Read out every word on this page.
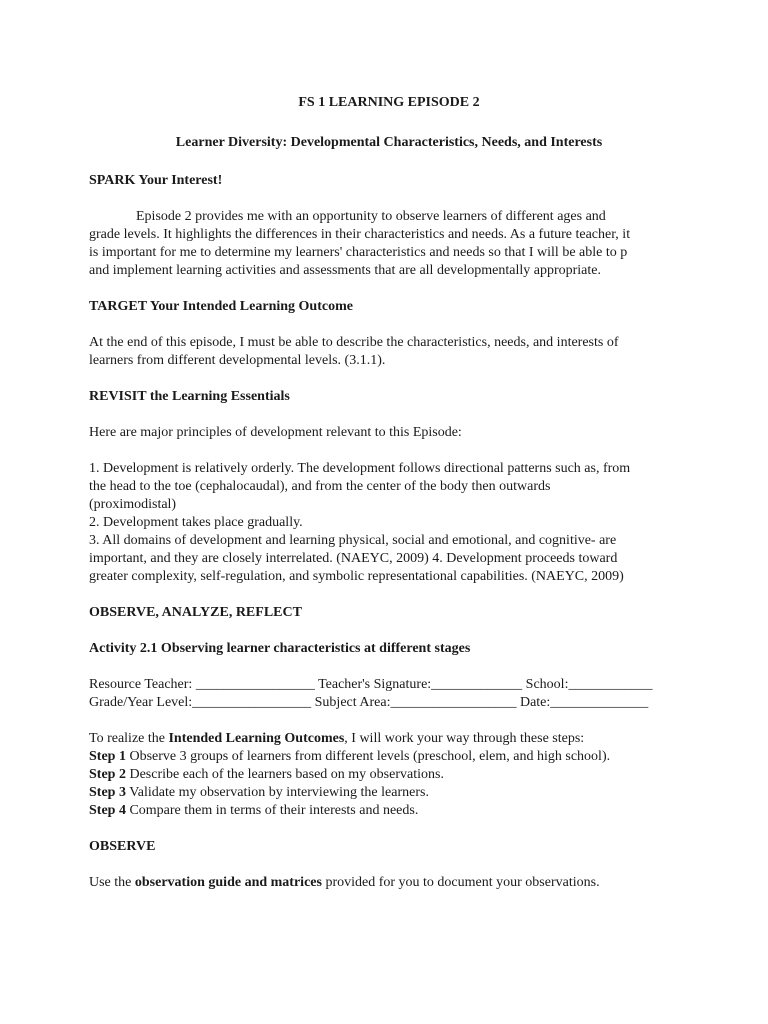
FS 1 LEARNING EPISODE 2
Learner Diversity: Developmental Characteristics, Needs, and Interests
SPARK Your Interest!
Episode 2 provides me with an opportunity to observe learners of different ages and
grade levels. It highlights the differences in their characteristics and needs. As a future teacher, it
is important for me to determine my learners' characteristics and needs so that I will be able to p
and implement learning activities and assessments that are all developmentally appropriate.
TARGET Your Intended Learning Outcome
At the end of this episode, I must be able to describe the characteristics, needs, and interests of
learners from different developmental levels. (3.1.1).
REVISIT the Learning Essentials
Here are major principles of development relevant to this Episode:
1. Development is relatively orderly. The development follows directional patterns such as, from
the head to the toe (cephalocaudal), and from the center of the body then outwards
(proximodistal)
2. Development takes place gradually.
3. All domains of development and learning physical, social and emotional, and cognitive- are
important, and they are closely interrelated. (NAEYC, 2009) 4. Development proceeds toward
greater complexity, self-regulation, and symbolic representational capabilities. (NAEYC, 2009)
OBSERVE, ANALYZE, REFLECT
Activity 2.1 Observing learner characteristics at different stages
Resource Teacher: _________________ Teacher's Signature:_____________ School:____________
Grade/Year Level:_________________ Subject Area:__________________ Date:______________
To realize the Intended Learning Outcomes, I will work your way through these steps:
Step 1 Observe 3 groups of learners from different levels (preschool, elem, and high school).
Step 2 Describe each of the learners based on my observations.
Step 3 Validate my observation by interviewing the learners.
Step 4 Compare them in terms of their interests and needs.
OBSERVE
Use the observation guide and matrices provided for you to document your observations.
